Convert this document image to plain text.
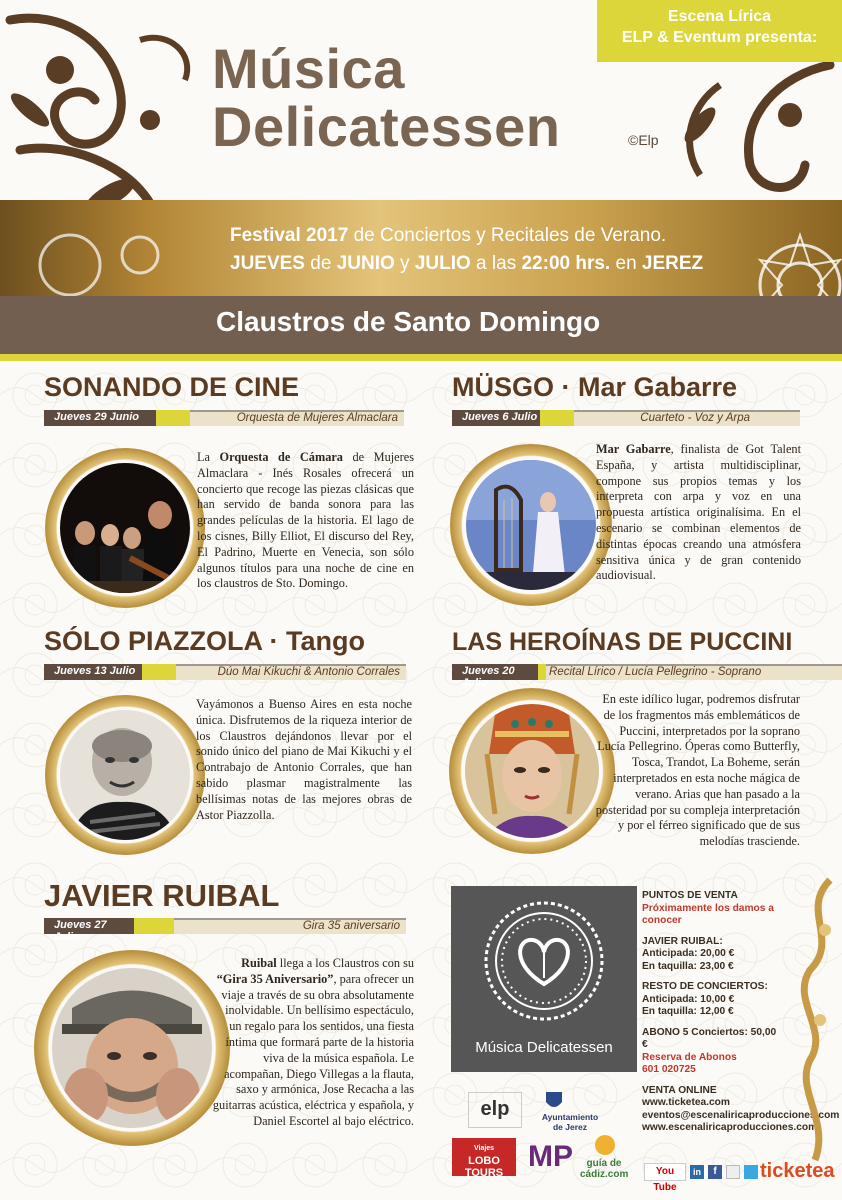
Escena Lírica
ELP & Eventum presenta:
Música
Delicatessen	©Elp
Festival 2017 de Conciertos y Recitales de Verano.
JUEVES de JUNIO y JULIO a las 22:00 hrs. en JEREZ
Claustros de Santo Domingo
SONANDO DE CINE
Jueves 29 Junio	Orquesta de Mujeres Almaclara
La Orquesta de Cámara de Mujeres Almaclara - Inés Rosales ofrecerá un concierto que recoge las piezas clásicas que han servido de banda sonora para las grandes películas de la historia. El lago de los cisnes, Billy Elliot, El discurso del Rey, El Padrino, Muerte en Venecia, son sólo algunos títulos para una noche de cine en los claustros de Sto. Domingo.
MÜSGO · Mar Gabarre
Jueves 6 Julio	Cuarteto - Voz y Arpa
Mar Gabarre, finalista de Got Talent España, y artista multidisciplinar, compone sus propios temas y los interpreta con arpa y voz en una propuesta artística originalísima. En el escenario se combinan elementos de distintas épocas creando una atmósfera sensitiva única y de gran contenido audiovisual.
SÓLO PIAZZOLA · Tango
Jueves 13 Julio	Dúo Mai Kikuchi & Antonio Corrales
Vayámonos a Buenso Aires en esta noche única. Disfrutemos de la riqueza interior de los Claustros dejándonos llevar por el sonido único del piano de Mai Kikuchi y el Contrabajo de Antonio Corrales, que han sabido plasmar magistralmente las bellísimas notas de las mejores obras de Astor Piazzolla.
LAS HEROÍNAS DE PUCCINI
Jueves 20 Julio
Recital Lírico / Lucía Pellegrino - Soprano
En este idílico lugar, podremos disfrutar de los fragmentos más emblemáticos de Puccini, interpretados por la soprano Lucía Pellegrino. Óperas como Butterfly, Tosca, Trandot, La Boheme, serán interpretados en esta noche mágica de verano. Arias que han pasado a la posteridad por su compleja interpretación y por el férreo significado que de sus melodías trasciende.
JAVIER RUIBAL
Jueves 27 Julio
Gira 35 aniversario
Ruibal llega a los Claustros con su “Gira 35 Aniversario”, para ofrecer un viaje a través de su obra absolutamente inolvidable. Un bellísimo espectáculo, un regalo para los sentidos, una fiesta íntima que formará parte de la historia viva de la música española. Le acompañan, Diego Villegas a la flauta, saxo y armónica, Jose Recacha a las guitarras acústica, eléctrica y española, y Daniel Escortel al bajo eléctrico.
Música Delicatessen
PUNTOS DE VENTA
Próximamente los damos a conocer
JAVIER RUIBAL:
Anticipada: 20,00 €
En taquilla: 23,00 €
RESTO DE CONCIERTOS:
Anticipada: 10,00 €
En taquilla: 12,00 €
ABONO 5 Conciertos: 50,00 €
Reserva de Abonos
601 020725
VENTA ONLINE
www.ticketea.com
eventos@escenaliricaproducciones.com
www.escenaliricaproducciones.com
elp	Ayuntamiento
de Jerez
Viajes
LOBO TOURS MP	guía de cádiz.com	You Tube
in	f ticketea
